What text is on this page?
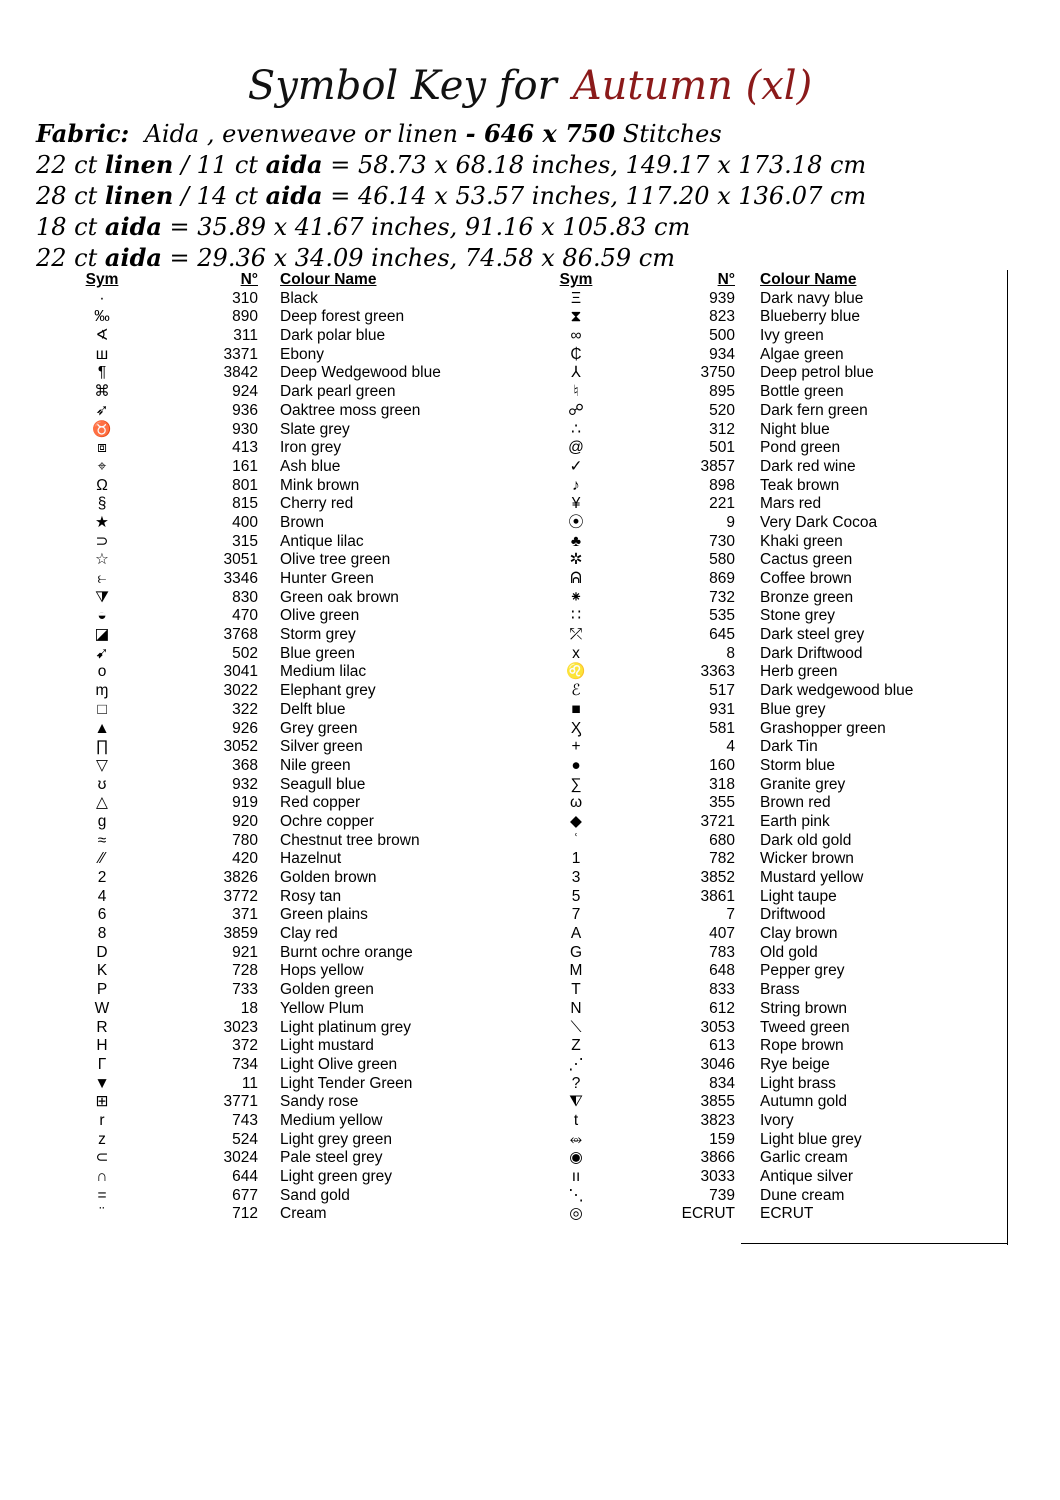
Symbol Key for Autumn (xl)
Fabric: Aida , evenweave or linen - 646 x 750 Stitches
22 ct linen / 11 ct aida = 58.73 x 68.18 inches, 149.17 x 173.18 cm
28 ct linen / 14 ct aida = 46.14 x 53.57 inches, 117.20 x 136.07 cm
18 ct aida = 35.89 x 41.67 inches, 91.16 x 105.83 cm
22 ct aida = 29.36 x 34.09 inches, 74.58 x 86.59 cm
Sym	N° Colour Name	Sym	N° Colour Name
·	310 Black	Ξ	939 Dark navy blue
‰	890 Deep forest green	⧗	823 Blueberry blue
∢	311 Dark polar blue	∞	500 Ivy green
ш	3371 Ebony	₵	934 Algae green
¶	3842 Deep Wedgewood blue	⅄	3750 Deep petrol blue
⌘	924 Dark pearl green	♮	895 Bottle green
➶	936 Oaktree moss green	☍	520 Dark fern green
♉	930 Slate grey	∴	312 Night blue
⧈	413 Iron grey	@	501 Pond green
⌖	161 Ash blue	✓	3857 Dark red wine
Ω	801 Mink brown	♪	898 Teak brown
§	815 Cherry red	¥	221 Mars red
★	400 Brown	⦿	9 Very Dark Cocoa
⊃	315 Antique lilac	♣	730 Khaki green
☆	3051 Olive tree green	✲	580 Cactus green
⥼	3346 Hunter Green	ᕱ	869 Coffee brown
⧩	830 Green oak brown	⁕	732 Bronze green
◒	470 Olive green	∷	535 Stone grey
◪	3768 Storm grey	⤱	645 Dark steel grey
➹	502 Blue green	x	8 Dark Driftwood
o	3041 Medium lilac	♌	3363 Herb green
ɱ	3022 Elephant grey	ℰ	517 Dark wedgewood blue
□	322 Delft blue	■	931 Blue grey
▲	926 Grey green	Ӽ	581 Grashopper green
∏	3052 Silver green	+	4 Dark Tin
▽	368 Nile green	●	160 Storm blue
ʊ	932 Seagull blue	∑	318 Granite grey
△	919 Red copper	ω	355 Brown red
g	920 Ochre copper	◆	3721 Earth pink
≈	780 Chestnut tree brown	ʿ	680 Dark old gold
⁄⁄	420 Hazelnut	1	782 Wicker brown
2	3826 Golden brown	3	3852 Mustard yellow
4	3772 Rosy tan	5	3861 Light taupe
6	371 Green plains	7	7 Driftwood
8	3859 Clay red	A	407 Clay brown
D	921 Burnt ochre orange	G	783 Old gold
K	728 Hops yellow	M	648 Pepper grey
P	733 Golden green	T	833 Brass
W	18 Yellow Plum	N	612 String brown
R	3023 Light platinum grey	⟍	3053 Tweed green
H	372 Light mustard	Z	613 Rope brown
Γ	734 Light Olive green	⋰	3046 Rye beige
▼	11 Light Tender Green	?	834 Light brass
⊞	3771 Sandy rose	⧨	3855 Autumn gold
r	743 Medium yellow	t	3823 Ivory
z	524 Light grey green	⥈	159 Light blue grey
⊂	3024 Pale steel grey	◉	3866 Garlic cream
∩	644 Light green grey	ıı	3033 Antique silver
=	677 Sand gold	⋱	739 Dune cream
¨	712 Cream	◎	ECRUT ECRUT
